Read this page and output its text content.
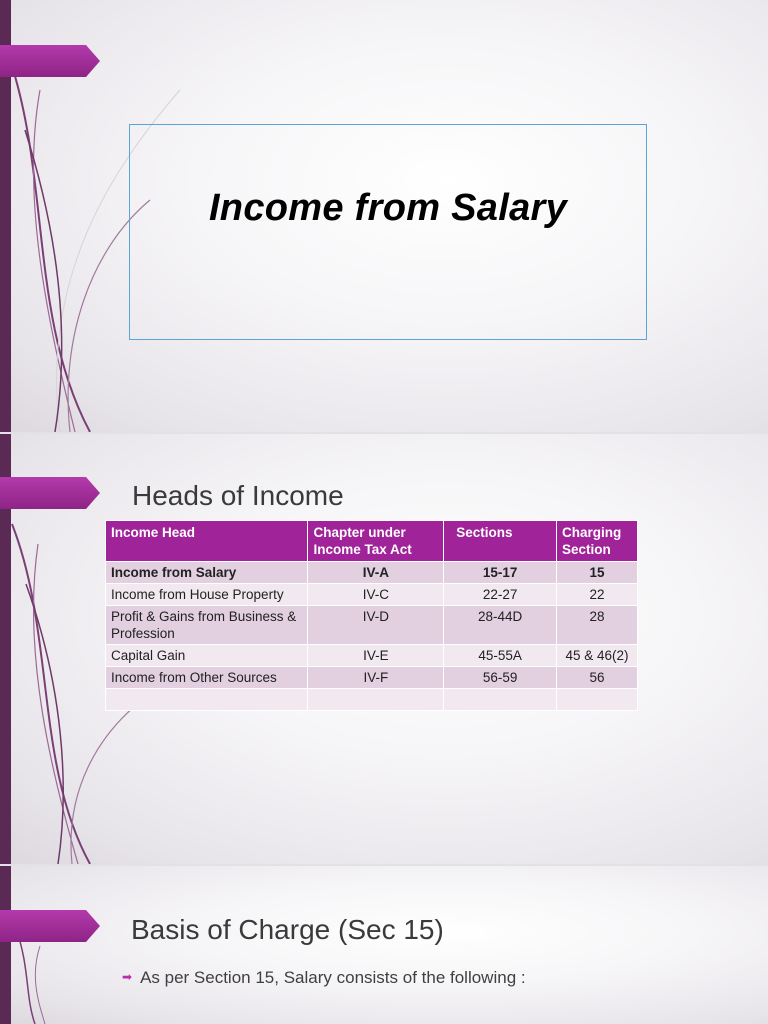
Income from Salary
Heads of Income
Income Head	Chapter under Income Tax Act	Sections	Charging Section
Income from Salary	IV-A	15-17	15
Income from House Property	IV-C	22-27	22
Profit & Gains from Business & Profession	IV-D	28-44D	28
Capital Gain	IV-E	45-55A	45 & 46(2)
Income from Other Sources	IV-F	56-59	56

Basis of Charge (Sec 15)
➡ As per Section 15, Salary consists of the following :
